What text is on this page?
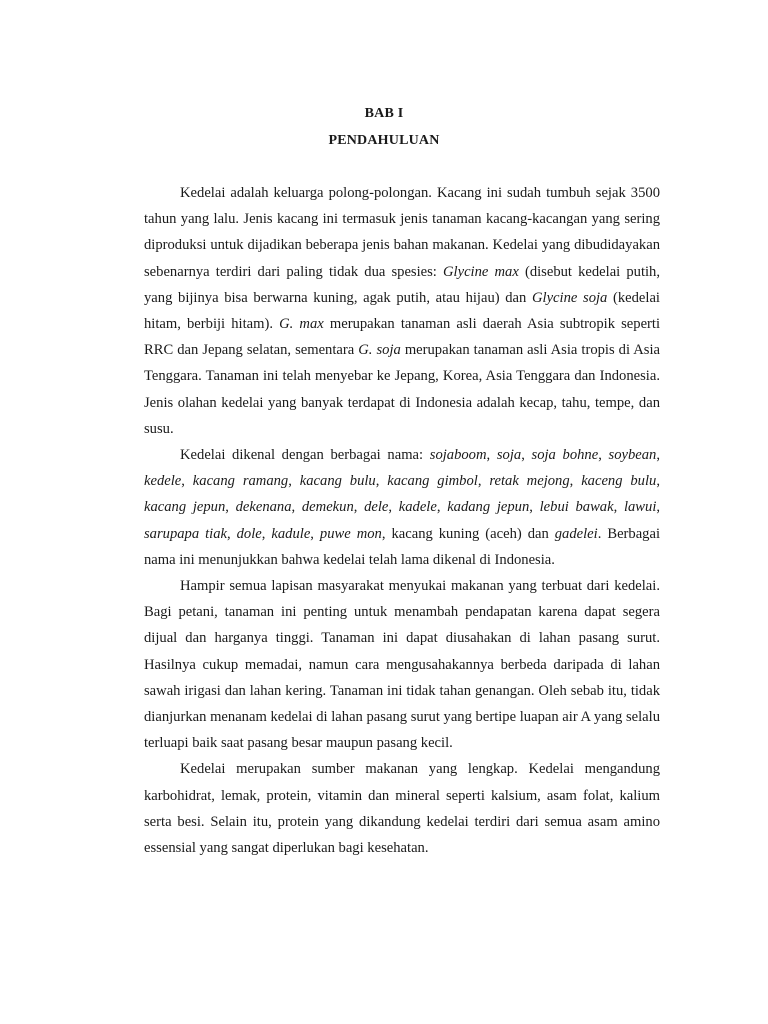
BAB I
PENDAHULUAN

Kedelai adalah keluarga polong-polongan. Kacang ini sudah tumbuh sejak 3500 tahun yang lalu. Jenis kacang ini termasuk jenis tanaman kacang-kacangan yang sering diproduksi untuk dijadikan beberapa jenis bahan makanan. Kedelai yang dibudidayakan sebenarnya terdiri dari paling tidak dua spesies: Glycine max (disebut kedelai putih, yang bijinya bisa berwarna kuning, agak putih, atau hijau) dan Glycine soja (kedelai hitam, berbiji hitam). G. max merupakan tanaman asli daerah Asia subtropik seperti RRC dan Jepang selatan, sementara G. soja merupakan tanaman asli Asia tropis di Asia Tenggara. Tanaman ini telah menyebar ke Jepang, Korea, Asia Tenggara dan Indonesia. Jenis olahan kedelai yang banyak terdapat di Indonesia adalah kecap, tahu, tempe, dan susu.

Kedelai dikenal dengan berbagai nama: sojaboom, soja, soja bohne, soybean, kedele, kacang ramang, kacang bulu, kacang gimbol, retak mejong, kaceng bulu, kacang jepun, dekenana, demekun, dele, kadele, kadang jepun, lebui bawak, lawui, sarupapa tiak, dole, kadule, puwe mon, kacang kuning (aceh) dan gadelei. Berbagai nama ini menunjukkan bahwa kedelai telah lama dikenal di Indonesia.

Hampir semua lapisan masyarakat menyukai makanan yang terbuat dari kedelai. Bagi petani, tanaman ini penting untuk menambah pendapatan karena dapat segera dijual dan harganya tinggi. Tanaman ini dapat diusahakan di lahan pasang surut. Hasilnya cukup memadai, namun cara mengusahakannya berbeda daripada di lahan sawah irigasi dan lahan kering. Tanaman ini tidak tahan genangan. Oleh sebab itu, tidak dianjurkan menanam kedelai di lahan pasang surut yang bertipe luapan air A yang selalu terluapi baik saat pasang besar maupun pasang kecil.

Kedelai merupakan sumber makanan yang lengkap. Kedelai mengandung karbohidrat, lemak, protein, vitamin dan mineral seperti kalsium, asam folat, kalium serta besi. Selain itu, protein yang dikandung kedelai terdiri dari semua asam amino essensial yang sangat diperlukan bagi kesehatan.
